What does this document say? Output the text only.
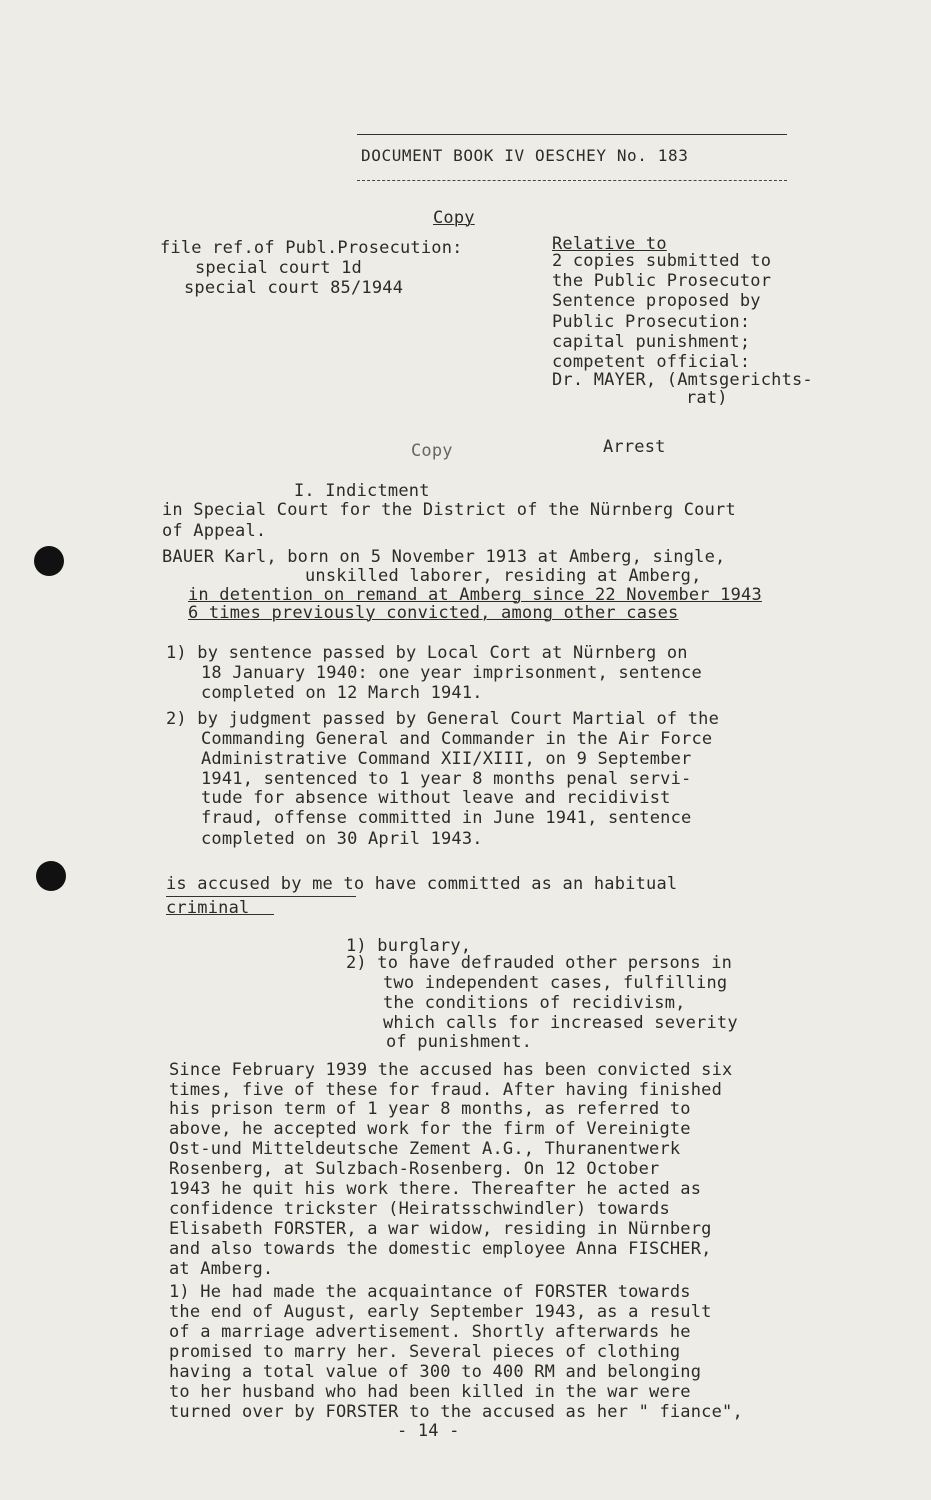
DOCUMENT BOOK IV OESCHEY No. 183
Copy
file ref.of Publ.Prosecution:
special court 1d
special court 85/1944
Relative to
2 copies submitted to
the Public Prosecutor
Sentence proposed by
Public Prosecution:
capital punishment;
competent official:
Dr. MAYER, (Amtsgerichts-
rat)
Copy	Arrest
I. Indictment
in Special Court for the District of the Nürnberg Court
of Appeal.
BAUER Karl, born on 5 November 1913 at Amberg, single,
unskilled laborer, residing at Amberg,
in detention on remand at Amberg since 22 November 1943
6 times previously convicted, among other cases
1) by sentence passed by Local Cort at Nürnberg on
18 January 1940: one year imprisonment, sentence
completed on 12 March 1941.
2) by judgment passed by General Court Martial of the
Commanding General and Commander in the Air Force
Administrative Command XII/XIII, on 9 September
1941, sentenced to 1 year 8 months penal servi-
tude for absence without leave and recidivist
fraud, offense committed in June 1941, sentence
completed on 30 April 1943.
is accused by me to have committed as an habitual
criminal
1) burglary,
2) to have defrauded other persons in
two independent cases, fulfilling
the conditions of recidivism,
which calls for increased severity
of punishment.
Since February 1939 the accused has been convicted six
times, five of these for fraud. After having finished
his prison term of 1 year 8 months, as referred to
above, he accepted work for the firm of Vereinigte
Ost-und Mitteldeutsche Zement A.G., Thuranentwerk
Rosenberg, at Sulzbach-Rosenberg. On 12 October
1943 he quit his work there. Thereafter he acted as
confidence trickster (Heiratsschwindler) towards
Elisabeth FORSTER, a war widow, residing in Nürnberg
and also towards the domestic employee Anna FISCHER,
at Amberg.
1) He had made the acquaintance of FORSTER towards
the end of August, early September 1943, as a result
of a marriage advertisement. Shortly afterwards he
promised to marry her. Several pieces of clothing
having a total value of 300 to 400 RM and belonging
to her husband who had been killed in the war were
turned over by FORSTER to the accused as her " fiance",
- 14 -
